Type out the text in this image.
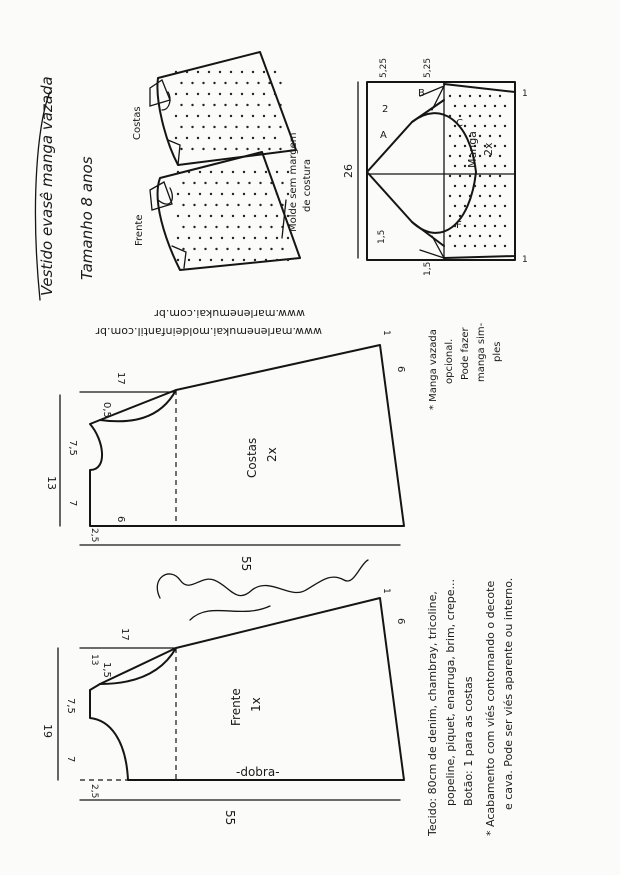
Vestido evasê manga vazada Tamanho 8 anos
www.marlenemukai.moldeinfantil.com.br
www.marlenemukai.com.br
Costas
Frente	Molde sem margem de costura
Manga 2x
26
5,25	5,25
A
B
C
F
2
1,5
1,5
1
1
* Manga vazada opcional. Pode fazer manga sim- ples
Costas 2x
55
13
17
7
7,5
0,5
6
2,5
6
1
Frente 1x
-dobra-
55
19
17
7
7,5
1,5
2,5
13
6
1
Tecido: 80cm de denim, chambray, tricoline, popeline, piquet, enarruga, brim, crepe... Botão: 1 para as costas * Acabamento com viés contornando o decote e cava. Pode ser viés aparente ou interno.
